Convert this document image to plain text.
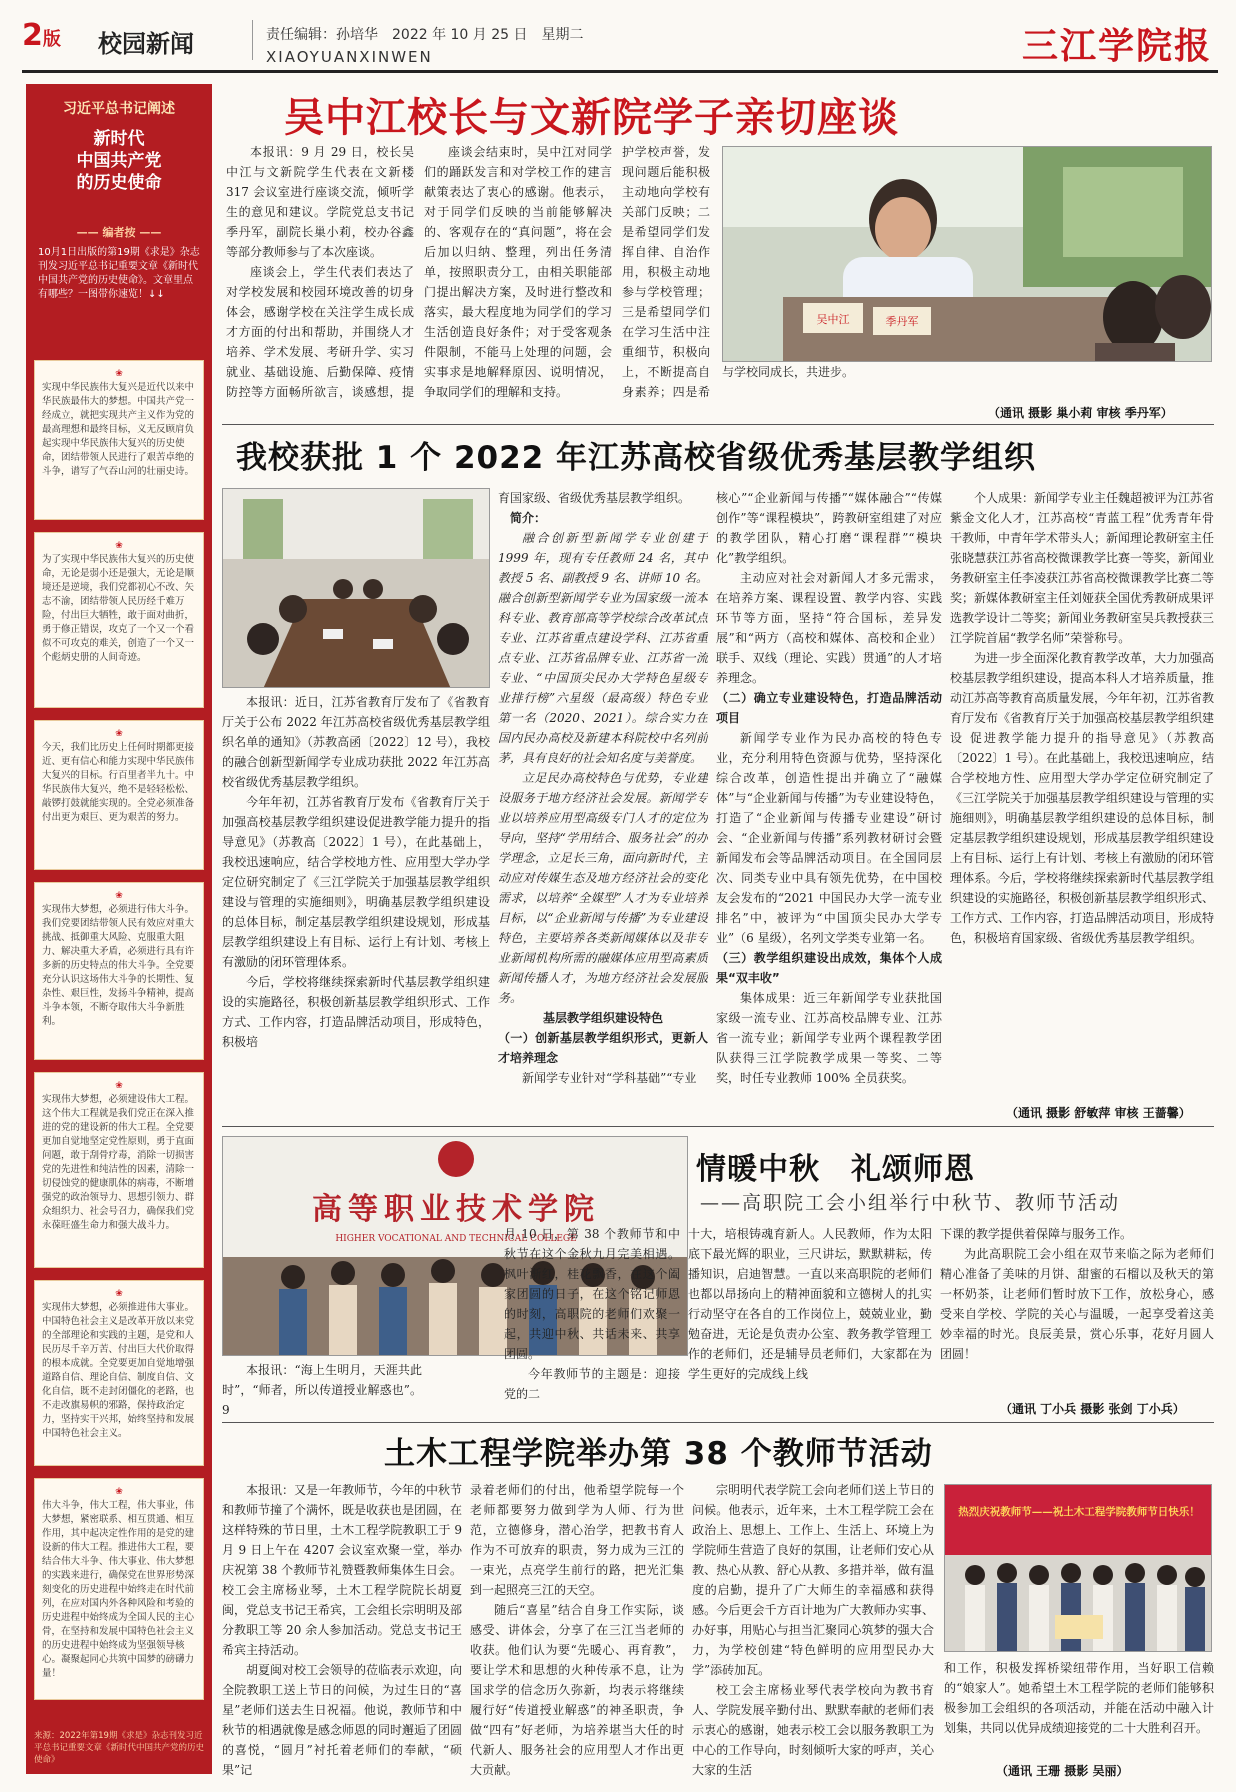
2版 校园新闻	责任编辑：孙培华　2022 年 10 月 25 日　星期二
XIAOYUANXINWEN	三江学院报
习近平总书记阐述
新时代
中国共产党
的历史使命
—— 编者按 ——
10月1日出版的第19期《求是》杂志刊发习近平总书记重要文章《新时代中国共产党的历史使命》。文章里点有哪些？一图带你速览！↓↓
❀
实现中华民族伟大复兴是近代以来中华民族最伟大的梦想。中国共产党一经成立，就把实现共产主义作为党的最高理想和最终目标，义无反顾肩负起实现中华民族伟大复兴的历史使命，团结带领人民进行了艰苦卓绝的斗争，谱写了气吞山河的壮丽史诗。
❀
为了实现中华民族伟大复兴的历史使命，无论是弱小还是强大，无论是顺境还是逆境，我们党都初心不改、矢志不渝，团结带领人民历经千难万险，付出巨大牺牲，敢于面对曲折，勇于修正错误，攻克了一个又一个看似不可攻克的难关，创造了一个又一个彪炳史册的人间奇迹。
❀
今天，我们比历史上任何时期都更接近、更有信心和能力实现中华民族伟大复兴的目标。行百里者半九十。中华民族伟大复兴，绝不是轻轻松松、敲锣打鼓就能实现的。全党必须准备付出更为艰巨、更为艰苦的努力。
❀
实现伟大梦想，必须进行伟大斗争。我们党要团结带领人民有效应对重大挑战、抵御重大风险、克服重大阻力、解决重大矛盾，必须进行具有许多新的历史特点的伟大斗争。全党要充分认识这场伟大斗争的长期性、复杂性、艰巨性，发扬斗争精神，提高斗争本领，不断夺取伟大斗争新胜利。
❀
实现伟大梦想，必须建设伟大工程。这个伟大工程就是我们党正在深入推进的党的建设新的伟大工程。全党要更加自觉地坚定党性原则，勇于直面问题，敢于刮骨疗毒，消除一切损害党的先进性和纯洁性的因素，清除一切侵蚀党的健康肌体的病毒，不断增强党的政治领导力、思想引领力、群众组织力、社会号召力，确保我们党永葆旺盛生命力和强大战斗力。
❀
实现伟大梦想，必须推进伟大事业。中国特色社会主义是改革开放以来党的全部理论和实践的主题，是党和人民历尽千辛万苦、付出巨大代价取得的根本成就。全党要更加自觉地增强道路自信、理论自信、制度自信、文化自信，既不走封闭僵化的老路，也不走改旗易帜的邪路，保持政治定力，坚持实干兴邦，始终坚持和发展中国特色社会主义。
❀
伟大斗争，伟大工程，伟大事业，伟大梦想，紧密联系、相互贯通、相互作用，其中起决定性作用的是党的建设新的伟大工程。推进伟大工程，要结合伟大斗争、伟大事业、伟大梦想的实践来进行，确保党在世界形势深刻变化的历史进程中始终走在时代前列，在应对国内外各种风险和考验的历史进程中始终成为全国人民的主心骨，在坚持和发展中国特色社会主义的历史进程中始终成为坚强领导核心。凝聚起同心共筑中国梦的磅礴力量！
来源：2022年第19期《求是》杂志刊发习近平总书记重要文章《新时代中国共产党的历史使命》
吴中江校长与文新院学子亲切座谈

本报讯：9 月 29 日，校长吴中江与文新院学生代表在文新楼 317 会议室进行座谈交流，倾听学生的意见和建议。学院党总支书记季丹军，副院长巢小莉，校办谷鑫等部分教师参与了本次座谈。

座谈会上，学生代表们表达了对学校发展和校园环境改善的切身体会，感谢学校在关注学生成长成才方面的付出和帮助，并围绕人才培养、学术发展、考研升学、实习就业、基础设施、后勤保障、疫情防控等方面畅所欲言，谈感想，提

座谈会结束时，吴中江对同学们的踊跃发言和对学校工作的建言献策表达了衷心的感谢。他表示，对于同学们反映的当前能够解决的、客观存在的“真问题”，将在会后加以归纳、整理，列出任务清单，按照职责分工，由相关职能部门提出解决方案，及时进行整改和落实，最大程度地为同学们的学习生活创造良好条件；对于受客观条件限制，不能马上处理的问题，会实事求是地解释原因、说明情况，争取同学们的理解和支持。

护学校声誉，发现问题后能积极主动地向学校有关部门反映；二是希望同学们发挥自律、自治作用，积极主动地参与学校管理；三是希望同学们在学习生活中注重细节，积极向上，不断提高自身素养；四是希

吴中江	季丹军

与学校同成长，共进步。

（通讯 摄影 巢小莉 审核 季丹军）
我校获批 1 个 2022 年江苏高校省级优秀基层教学组织

本报讯：近日，江苏省教育厅发布了《省教育厅关于公布 2022 年江苏高校省级优秀基层教学组织名单的通知》（苏教高函〔2022〕12 号），我校的融合创新型新闻学专业成功获批 2022 年江苏高校省级优秀基层教学组织。

今年年初，江苏省教育厅发布《省教育厅关于加强高校基层教学组织建设促进教学能力提升的指导意见》（苏教高〔2022〕1 号），在此基础上，我校迅速响应，结合学校地方性、应用型大学办学定位研究制定了《三江学院关于加强基层教学组织建设与管理的实施细则》，明确基层教学组织建设的总体目标，制定基层教学组织建设规划，形成基层教学组织建设上有目标、运行上有计划、考核上有激励的闭环管理体系。

今后，学校将继续探索新时代基层教学组织建设的实施路径，积极创新基层教学组织形式、工作方式、工作内容，打造品牌活动项目，形成特色，积极培

育国家级、省级优秀基层教学组织。

简介：

融合创新型新闻学专业创建于 1999 年，现有专任教师 24 名，其中教授 5 名、副教授 9 名、讲师 10 名。融合创新型新闻学专业为国家级一流本科专业、教育部高等学校综合改革试点专业、江苏省重点建设学科、江苏省重点专业、江苏省品牌专业、江苏省一流专业、“中国顶尖民办大学特色星级专业排行榜”六星级（最高级）特色专业第一名（2020、2021）。综合实力在国内民办高校及新建本科院校中名列前茅，具有良好的社会知名度与美誉度。

立足民办高校特色与优势，专业建设服务于地方经济社会发展。新闻学专业以培养应用型高级专门人才的定位为导向，坚持“学用结合、服务社会”的办学理念，立足长三角，面向新时代，主动应对传媒生态及地方经济社会的变化需求，以培养“全媒型”人才为专业培养目标，以“企业新闻与传播”为专业建设特色，主要培养各类新闻媒体以及非专业新闻机构所需的融媒体应用型高素质新闻传播人才，为地方经济社会发展服务。

基层教学组织建设特色

（一）创新基层教学组织形式，更新人才培养理念

新闻学专业针对“学科基础”“专业

核心”“企业新闻与传播”“媒体融合”“传媒创作”等“课程模块”，跨教研室组建了对应的教学团队，精心打磨“课程群”“模块化”教学组织。

主动应对社会对新闻人才多元需求，在培养方案、课程设置、教学内容、实践环节等方面，坚持“符合国标，差异发展”和“两方（高校和媒体、高校和企业）联手、双线（理论、实践）贯通”的人才培养理念。

（二）确立专业建设特色，打造品牌活动项目

新闻学专业作为民办高校的特色专业，充分利用特色资源与优势，坚持深化综合改革，创造性提出并确立了“融媒体”与“企业新闻与传播”为专业建设特色，打造了“企业新闻与传播专业建设”研讨会、“企业新闻与传播”系列教材研讨会暨新闻发布会等品牌活动项目。在全国同层次、同类专业中具有领先优势，在中国校友会发布的“2021 中国民办大学一流专业排名”中，被评为“中国顶尖民办大学专业”（6 星级），名列文学类专业第一名。

（三）教学组织建设出成效，集体个人成果“双丰收”

集体成果：近三年新闻学专业获批国家级一流专业、江苏高校品牌专业、江苏省一流专业；新闻学专业两个课程教学团队获得三江学院教学成果一等奖、二等奖，时任专业教师 100% 全员获奖。

个人成果：新闻学专业主任魏超被评为江苏省紫金文化人才，江苏高校“青蓝工程”优秀青年骨干教师，中青年学术带头人；新闻理论教研室主任张晓慧获江苏省高校微课教学比赛一等奖，新闻业务教研室主任李凌获江苏省高校微课教学比赛二等奖；新媒体教研室主任刘娅获全国优秀教研成果评选教学设计二等奖；新闻业务教研室吴兵教授获三江学院首届“教学名师”荣誉称号。

为进一步全面深化教育教学改革，大力加强高校基层教学组织建设，提高本科人才培养质量，推动江苏高等教育高质量发展，今年年初，江苏省教育厅发布《省教育厅关于加强高校基层教学组织建设 促进教学能力提升的指导意见》（苏教高〔2022〕1 号）。在此基础上，我校迅速响应，结合学校地方性、应用型大学办学定位研究制定了《三江学院关于加强基层教学组织建设与管理的实施细则》，明确基层教学组织建设的总体目标，制定基层教学组织建设规划，形成基层教学组织建设上有目标、运行上有计划、考核上有激励的闭环管理体系。今后，学校将继续探索新时代基层教学组织建设的实施路径，积极创新基层教学组织形式、工作方式、工作内容，打造品牌活动项目，形成特色，积极培育国家级、省级优秀基层教学组织。

（通讯 摄影 舒敏萍 审核 王蔷馨）
高等职业技术学院
HIGHER VOCATIONAL AND TECHNICAL COLLEGE
情暖中秋　礼颂师恩
——高职院工会小组举行中秋节、教师节活动

本报讯：“海上生明月，天涯共此时”，“师者，所以传道授业解惑也”。9

月 10 日，第 38 个教师节和中秋节在这个金秋九月完美相遇。枫叶渐红，桂花飘香，在这个阖家团圆的日子，在这个铭记师恩的时刻，高职院的老师们欢聚一起，共迎中秋、共话未来、共享团圆。

今年教师节的主题是：迎接党的二

十大，培根铸魂育新人。人民教师，作为太阳底下最光辉的职业，三尺讲坛，默默耕耘，传播知识，启迪智慧。一直以来高职院的老师们也都以昂扬向上的精神面貌和立德树人的扎实行动坚守在各自的工作岗位上，兢兢业业，勤勉奋进，无论是负责办公室、教务教学管理工作的老师们，还是辅导员老师们，大家都在为学生更好的完成线上线

下课的教学提供着保障与服务工作。

为此高职院工会小组在双节来临之际为老师们精心准备了美味的月饼、甜蜜的石榴以及秋天的第一杯奶茶，让老师们暂时放下工作，放松身心，感受来自学校、学院的关心与温暖，一起享受着这美妙幸福的时光。良辰美景，赏心乐事，花好月圆人团圆！

（通讯 丁小兵 摄影 张剑 丁小兵）
土木工程学院举办第 38 个教师节活动

本报讯：又是一年教师节，今年的中秋节和教师节撞了个满怀，既是收获也是团圆，在这样特殊的节日里，土木工程学院教职工于 9 月 9 日上午在 4207 会议室欢聚一堂，举办庆祝第 38 个教师节礼赞暨教师集体生日会。校工会主席杨业琴，土木工程学院院长胡夏闽，党总支书记王希宾，工会组长宗明明及部分教职工等 20 余人参加活动。党总支书记王希宾主持活动。

胡夏闽对校工会领导的莅临表示欢迎，向全院教职工送上节日的问候，为过生日的“喜星”老师们送去生日祝福。他说，教师节和中秋节的相遇就像是感念师恩的同时邂逅了团圆的喜悦，“圆月”衬托着老师们的奉献，“硕果”记

录着老师们的付出，他希望学院每一个老师都要努力做到学为人师、行为世范，立德修身，潜心治学，把教书育人作为不可放弃的职责，努力成为三江的一束光，点亮学生前行的路，把光汇集到一起照亮三江的天空。

随后“喜星”结合自身工作实际，谈感受、讲体会，分享了在三江当老师的收获。他们认为要“先暖心、再育教”，要让学术和思想的火种传承不息，让为国求学的信念历久弥新，均表示将继续履行好“传道授业解惑”的神圣职责，争做“四有”好老师，为培养堪当大任的时代新人、服务社会的应用型人才作出更大贡献。

宗明明代表学院工会向老师们送上节日的问候。他表示，近年来，土木工程学院工会在政治上、思想上、工作上、生活上、环境上为学院师生营造了良好的氛围，让老师们安心从教、热心从教、舒心从教、多措并举，做有温度的启勤，提升了广大师生的幸福感和获得感。今后更会千方百计地为广大教师办实事、办好事，用贴心与担当汇聚同心筑梦的强大合力，为学校创建“特色鲜明的应用型民办大学”添砖加瓦。

校工会主席杨业琴代表学校向为教书育人、学院发展辛勤付出、默默奉献的老师们表示衷心的感谢，她表示校工会以服务教职工为中心的工作导向，时刻倾听大家的呼声，关心大家的生活

热烈庆祝教师节——祝土木工程学院教师节日快乐！

和工作，积极发挥桥梁纽带作用，当好职工信赖的“娘家人”。她希望土木工程学院的老师们能够积极参加工会组织的各项活动，并能在活动中融入计划集，共同以优异成绩迎接党的二十大胜利召开。

（通讯 王珊 摄影 吴丽）
